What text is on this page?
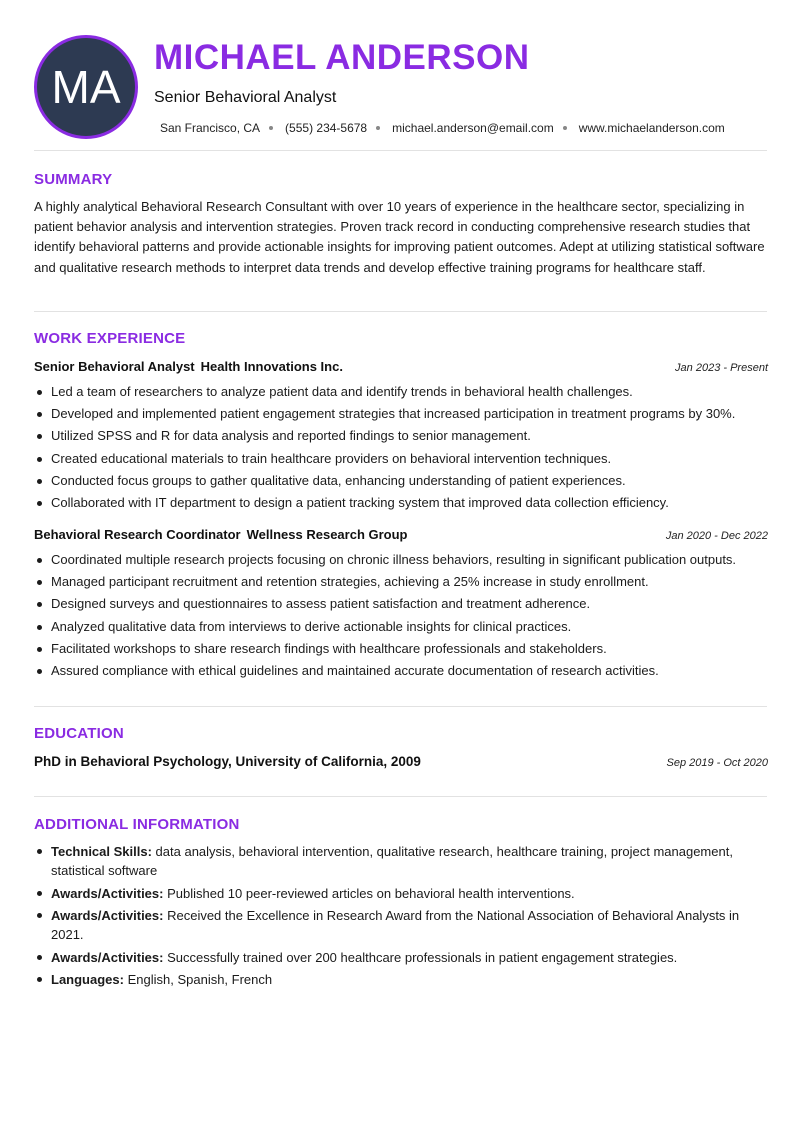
MA
MICHAEL ANDERSON
Senior Behavioral Analyst
San Francisco, CA (555) 234-5678 michael.anderson@email.com www.michaelanderson.com
SUMMARY

A highly analytical Behavioral Research Consultant with over 10 years of experience in the healthcare sector, specializing in patient behavior analysis and intervention strategies. Proven track record in conducting comprehensive research studies that identify behavioral patterns and provide actionable insights for improving patient outcomes. Adept at utilizing statistical software and qualitative research methods to interpret data trends and develop effective training programs for healthcare staff.

WORK EXPERIENCE
Senior Behavioral Analyst Health Innovations Inc.	Jan 2023 - Present
Led a team of researchers to analyze patient data and identify trends in behavioral health challenges.
Developed and implemented patient engagement strategies that increased participation in treatment programs by 30%.
Utilized SPSS and R for data analysis and reported findings to senior management.
Created educational materials to train healthcare providers on behavioral intervention techniques.
Conducted focus groups to gather qualitative data, enhancing understanding of patient experiences.
Collaborated with IT department to design a patient tracking system that improved data collection efficiency.
Behavioral Research Coordinator Wellness Research Group	Jan 2020 - Dec 2022
Coordinated multiple research projects focusing on chronic illness behaviors, resulting in significant publication outputs.
Managed participant recruitment and retention strategies, achieving a 25% increase in study enrollment.
Designed surveys and questionnaires to assess patient satisfaction and treatment adherence.
Analyzed qualitative data from interviews to derive actionable insights for clinical practices.
Facilitated workshops to share research findings with healthcare professionals and stakeholders.
Assured compliance with ethical guidelines and maintained accurate documentation of research activities.
EDUCATION
PhD in Behavioral Psychology, University of California, 2009	Sep 2019 - Oct 2020
ADDITIONAL INFORMATION
Technical Skills: data analysis, behavioral intervention, qualitative research, healthcare training, project management, statistical software
Awards/Activities: Published 10 peer-reviewed articles on behavioral health interventions.
Awards/Activities: Received the Excellence in Research Award from the National Association of Behavioral Analysts in 2021.
Awards/Activities: Successfully trained over 200 healthcare professionals in patient engagement strategies.
Languages: English, Spanish, French
